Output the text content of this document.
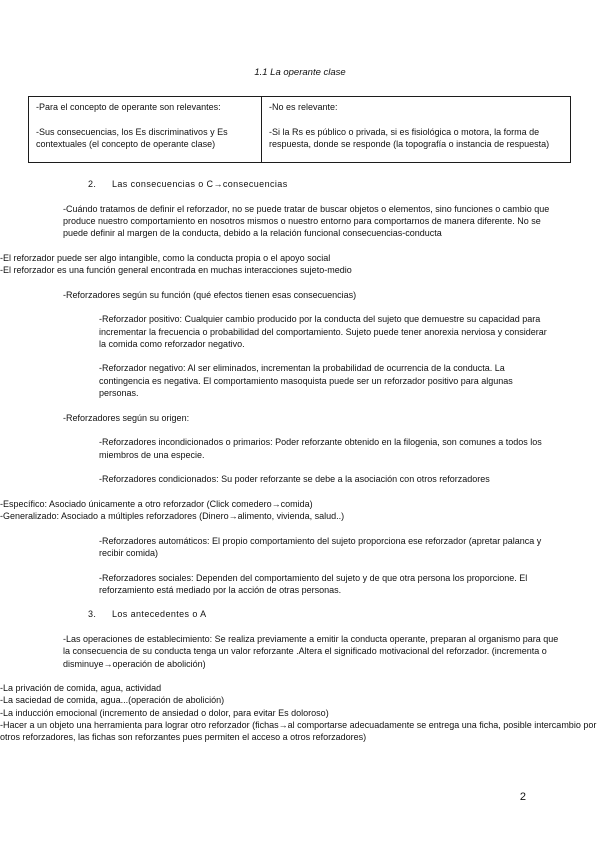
1.1 La operante clase

-Para el concepto de operante son relevantes:

-Sus consecuencias, los Es discriminativos y Es contextuales (el concepto de operante clase)

-No es relevante:

-Si la Rs es público o privada, si es fisiológica o motora, la forma de respuesta, donde se responde (la topografía o instancia de respuesta)

2. Las consecuencias o C→consecuencias

-Cuándo tratamos de definir el reforzador, no se puede tratar de buscar objetos o elementos, sino funciones o cambio que produce nuestro comportamiento en nosotros mismos o nuestro entorno para comportarnos de manera diferente. No se puede definir al margen de la conducta, debido a la relación funcional consecuencias-conducta

-El reforzador puede ser algo intangible, como la conducta propia o el apoyo social

-El reforzador es una función general encontrada en muchas interacciones sujeto-medio

-Reforzadores según su función (qué efectos tienen esas consecuencias)

-Reforzador positivo: Cualquier cambio producido por la conducta del sujeto que demuestre su capacidad para incrementar la frecuencia o probabilidad del comportamiento. Sujeto puede tener anorexia nerviosa y considerar la comida como reforzador negativo.

-Reforzador negativo: Al ser eliminados, incrementan la probabilidad de ocurrencia de la conducta. La contingencia es negativa. El comportamiento masoquista puede ser un reforzador positivo para algunas personas.

-Reforzadores según su origen:

-Reforzadores incondicionados o primarios: Poder reforzante obtenido en la filogenia, son comunes a todos los miembros de una especie.

-Reforzadores condicionados: Su poder reforzante se debe a la asociación con otros reforzadores

-Específico: Asociado únicamente a otro reforzador (Click comedero→comida)

-Generalizado: Asociado a múltiples reforzadores (Dinero→alimento, vivienda, salud..)

-Reforzadores automáticos: El propio comportamiento del sujeto proporciona ese reforzador (apretar palanca y recibir comida)

-Reforzadores sociales: Dependen del comportamiento del sujeto y de que otra persona los proporcione. El reforzamiento está mediado por la acción de otras personas.

3. Los antecedentes o A

-Las operaciones de establecimiento: Se realiza previamente a emitir la conducta operante, preparan al organismo para que la consecuencia de su conducta tenga un valor reforzante .Altera el significado motivacional del reforzador. (incrementa o disminuye→operación de abolición)

-La privación de comida, agua, actividad

-La saciedad de comida, agua...(operación de abolición)

-La inducción emocional (incremento de ansiedad o dolor, para evitar Es doloroso)

-Hacer a un objeto una herramienta para lograr otro reforzador (fichas→al comportarse adecuadamente se entrega una ficha, posible intercambio por otros reforzadores, las fichas son reforzantes pues permiten el acceso a otros reforzadores)

2
